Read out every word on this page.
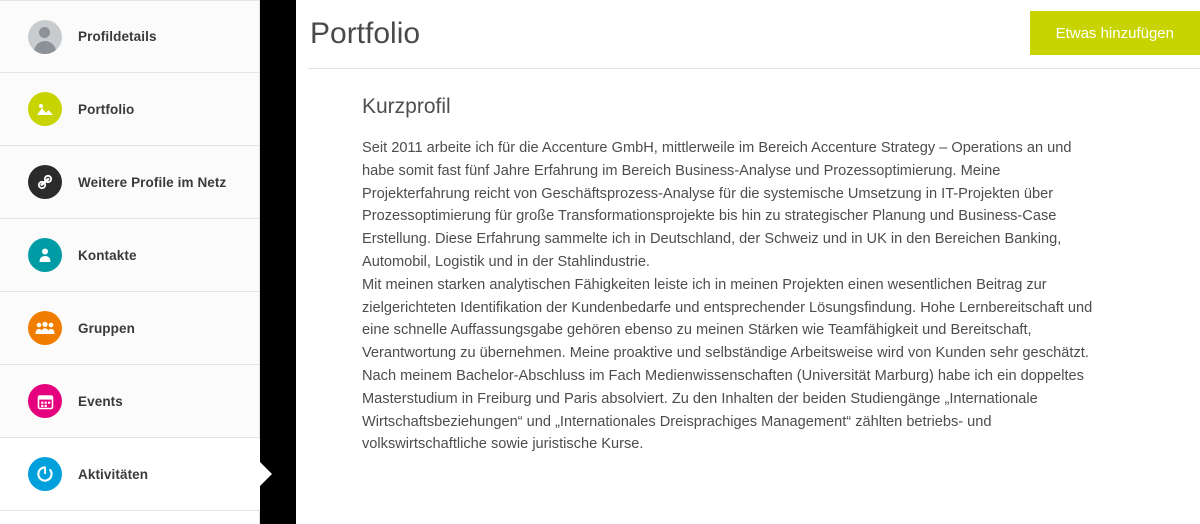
Profildetails
Portfolio
Weitere Profile im Netz
Kontakte
Gruppen
Events
Aktivitäten
Portfolio	Etwas hinzufügen
Kurzprofil

Seit 2011 arbeite ich für die Accenture GmbH, mittlerweile im Bereich Accenture Strategy – Operations an und habe somit fast fünf Jahre Erfahrung im Bereich Business-Analyse und Prozessoptimierung. Meine Projekterfahrung reicht von Geschäftsprozess-Analyse für die systemische Umsetzung in IT-Projekten über Prozessoptimierung für große Transformationsprojekte bis hin zu strategischer Planung und Business-Case Erstellung. Diese Erfahrung sammelte ich in Deutschland, der Schweiz und in UK in den Bereichen Banking, Automobil, Logistik und in der Stahlindustrie.

Mit meinen starken analytischen Fähigkeiten leiste ich in meinen Projekten einen wesentlichen Beitrag zur zielgerichteten Identifikation der Kundenbedarfe und entsprechender Lösungsfindung. Hohe Lernbereitschaft und eine schnelle Auffassungsgabe gehören ebenso zu meinen Stärken wie Teamfähigkeit und Bereitschaft, Verantwortung zu übernehmen. Meine proaktive und selbständige Arbeitsweise wird von Kunden sehr geschätzt.

Nach meinem Bachelor-Abschluss im Fach Medienwissenschaften (Universität Marburg) habe ich ein doppeltes Masterstudium in Freiburg und Paris absolviert. Zu den Inhalten der beiden Studiengänge „Internationale Wirtschaftsbeziehungen“ und „Internationales Dreisprachiges Management“ zählten betriebs- und volkswirtschaftliche sowie juristische Kurse.
